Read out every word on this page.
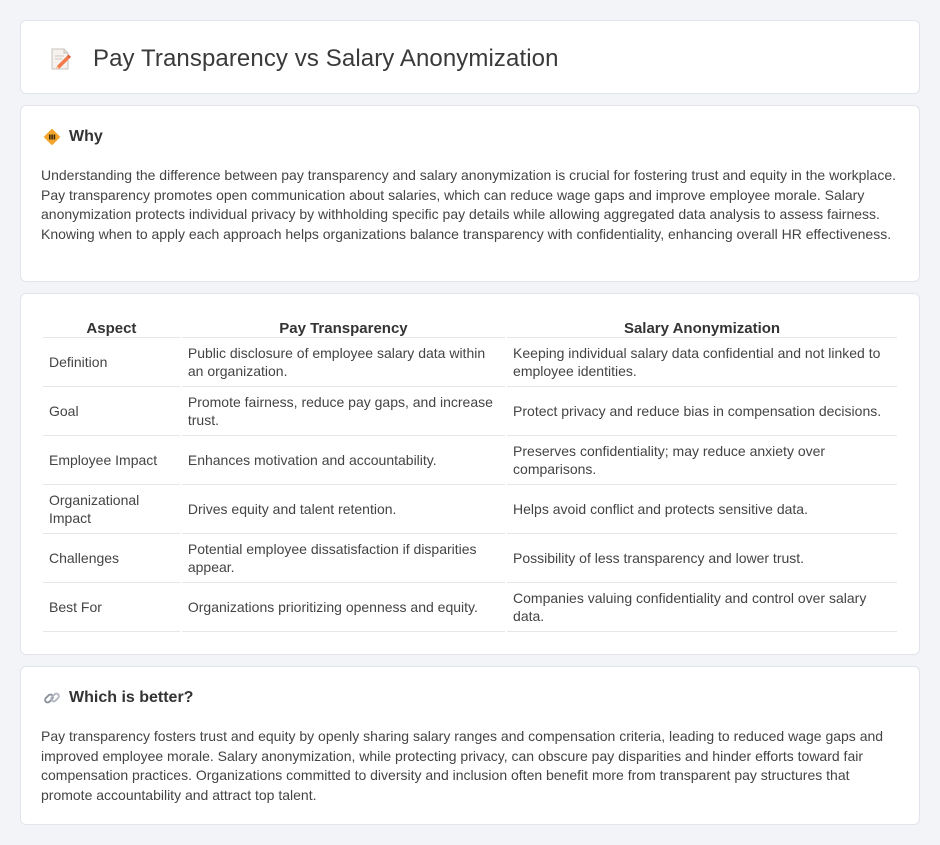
Pay Transparency vs Salary Anonymization
Why

Understanding the difference between pay transparency and salary anonymization is crucial for fostering trust and equity in the workplace. Pay transparency promotes open communication about salaries, which can reduce wage gaps and improve employee morale. Salary anonymization protects individual privacy by withholding specific pay details while allowing aggregated data analysis to assess fairness. Knowing when to apply each approach helps organizations balance transparency with confidentiality, enhancing overall HR effectiveness.

Aspect	Pay Transparency	Salary Anonymization
Definition	Public disclosure of employee salary data within an organization.	Keeping individual salary data confidential and not linked to employee identities.
Goal	Promote fairness, reduce pay gaps, and increase trust.	Protect privacy and reduce bias in compensation decisions.
Employee Impact	Enhances motivation and accountability.	Preserves confidentiality; may reduce anxiety over comparisons.
Organizational Impact	Drives equity and talent retention.	Helps avoid conflict and protects sensitive data.
Challenges	Potential employee dissatisfaction if disparities appear.	Possibility of less transparency and lower trust.
Best For	Organizations prioritizing openness and equity.	Companies valuing confidentiality and control over salary data.
Which is better?

Pay transparency fosters trust and equity by openly sharing salary ranges and compensation criteria, leading to reduced wage gaps and improved employee morale. Salary anonymization, while protecting privacy, can obscure pay disparities and hinder efforts toward fair compensation practices. Organizations committed to diversity and inclusion often benefit more from transparent pay structures that promote accountability and attract top talent.
